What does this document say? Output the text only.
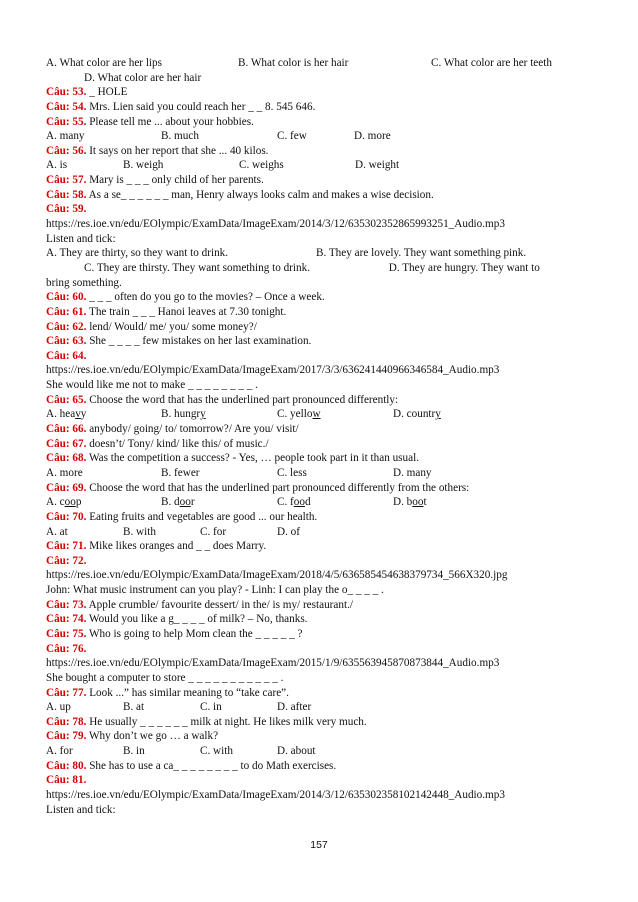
A. What color are her lips	B. What color is her hair	C. What color are her teeth
D. What color are her hair
Câu: 53. _ HOLE
Câu: 54. Mrs. Lien said you could reach her _ _ 8. 545 646.
Câu: 55. Please tell me ... about your hobbies.
A. many	B. much	C. few	D. more
Câu: 56. It says on her report that she ... 40 kilos.
A. is	B. weigh	C. weighs	D. weight
Câu: 57. Mary is _ _ _ only child of her parents.
Câu: 58. As a se_ _ _ _ _ _ man, Henry always looks calm and makes a wise decision.
Câu: 59.
https://res.ioe.vn/edu/EOlympic/ExamData/ImageExam/2014/3/12/635302352865993251_Audio.mp3
Listen and tick:
A. They are thirty, so they want to drink.	B. They are lovely. They want something pink.
C. They are thirsty. They want something to drink.	D. They are hungry. They want to
bring something.
Câu: 60. _ _ _ often do you go to the movies? – Once a week.
Câu: 61. The train _ _ _ Hanoi leaves at 7.30 tonight.
Câu: 62. lend/ Would/ me/ you/ some money?/
Câu: 63. She _ _ _ _ few mistakes on her last examination.
Câu: 64.
https://res.ioe.vn/edu/EOlympic/ExamData/ImageExam/2017/3/3/636241440966346584_Audio.mp3
She would like me not to make _ _ _ _ _ _ _ _ .
Câu: 65. Choose the word that has the underlined part pronounced differently:
A. heavy	B. hungry	C. yellow	D. country
Câu: 66. anybody/ going/ to/ tomorrow?/ Are you/ visit/
Câu: 67. doesn’t/ Tony/ kind/ like this/ of music./
Câu: 68. Was the competition a success? - Yes, … people took part in it than usual.
A. more	B. fewer	C. less	D. many
Câu: 69. Choose the word that has the underlined part pronounced differently from the others:
A. coop	B. door	C. food	D. boot
Câu: 70. Eating fruits and vegetables are good ... our health.
A. at	B. with	C. for	D. of
Câu: 71. Mike likes oranges and _ _ does Marry.
Câu: 72.
https://res.ioe.vn/edu/EOlympic/ExamData/ImageExam/2018/4/5/636585454638379734_566X320.jpg
John: What music instrument can you play? - Linh: I can play the o_ _ _ _ .
Câu: 73. Apple crumble/ favourite dessert/ in the/ is my/ restaurant./
Câu: 74. Would you like a g_ _ _ _ of milk? – No, thanks.
Câu: 75. Who is going to help Mom clean the _ _ _ _ _ ?
Câu: 76.
https://res.ioe.vn/edu/EOlympic/ExamData/ImageExam/2015/1/9/635563945870873844_Audio.mp3
She bought a computer to store _ _ _ _ _ _ _ _ _ _ _ .
Câu: 77. Look ...” has similar meaning to “take care”.
A. up	B. at	C. in	D. after
Câu: 78. He usually _ _ _ _ _ _ milk at night. He likes milk very much.
Câu: 79. Why don’t we go … a walk?
A. for	B. in	C. with	D. about
Câu: 80. She has to use a ca_ _ _ _ _ _ _ _ to do Math exercises.
Câu: 81.
https://res.ioe.vn/edu/EOlympic/ExamData/ImageExam/2014/3/12/635302358102142448_Audio.mp3
Listen and tick:
157
